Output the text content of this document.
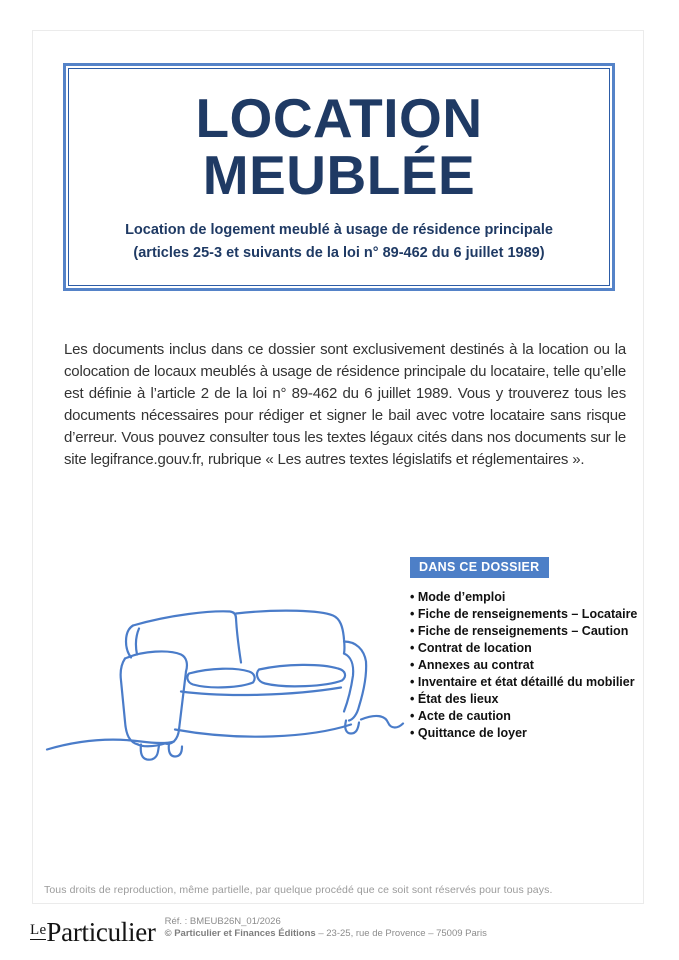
LOCATION
MEUBLÉE
Location de logement meublé à usage de résidence principale
(articles 25-3 et suivants de la loi n° 89-462 du 6 juillet 1989)

Les documents inclus dans ce dossier sont exclusivement destinés à la location ou la colocation de locaux meublés à usage de résidence principale du locataire, telle qu’elle est définie à l’article 2 de la loi n° 89-462 du 6 juillet 1989. Vous y trouverez tous les documents nécessaires pour rédiger et signer le bail avec votre locataire sans risque d’erreur. Vous pouvez consulter tous les textes légaux cités dans nos documents sur le site legifrance.gouv.fr, rubrique « Les autres textes législatifs et réglementaires ».

DANS CE DOSSIER
• Mode d’emploi
• Fiche de renseignements – Locataire
• Fiche de renseignements – Caution
• Contrat de location
• Annexes au contrat
• Inventaire et état détaillé du mobilier
• État des lieux
• Acte de caution
• Quittance de loyer
Tous droits de reproduction, même partielle, par quelque procédé que ce soit sont réservés pour tous pays.
LeParticulier Réf. : BMEUB26N_01/2026
© Particulier et Finances Éditions – 23-25, rue de Provence – 75009 Paris
